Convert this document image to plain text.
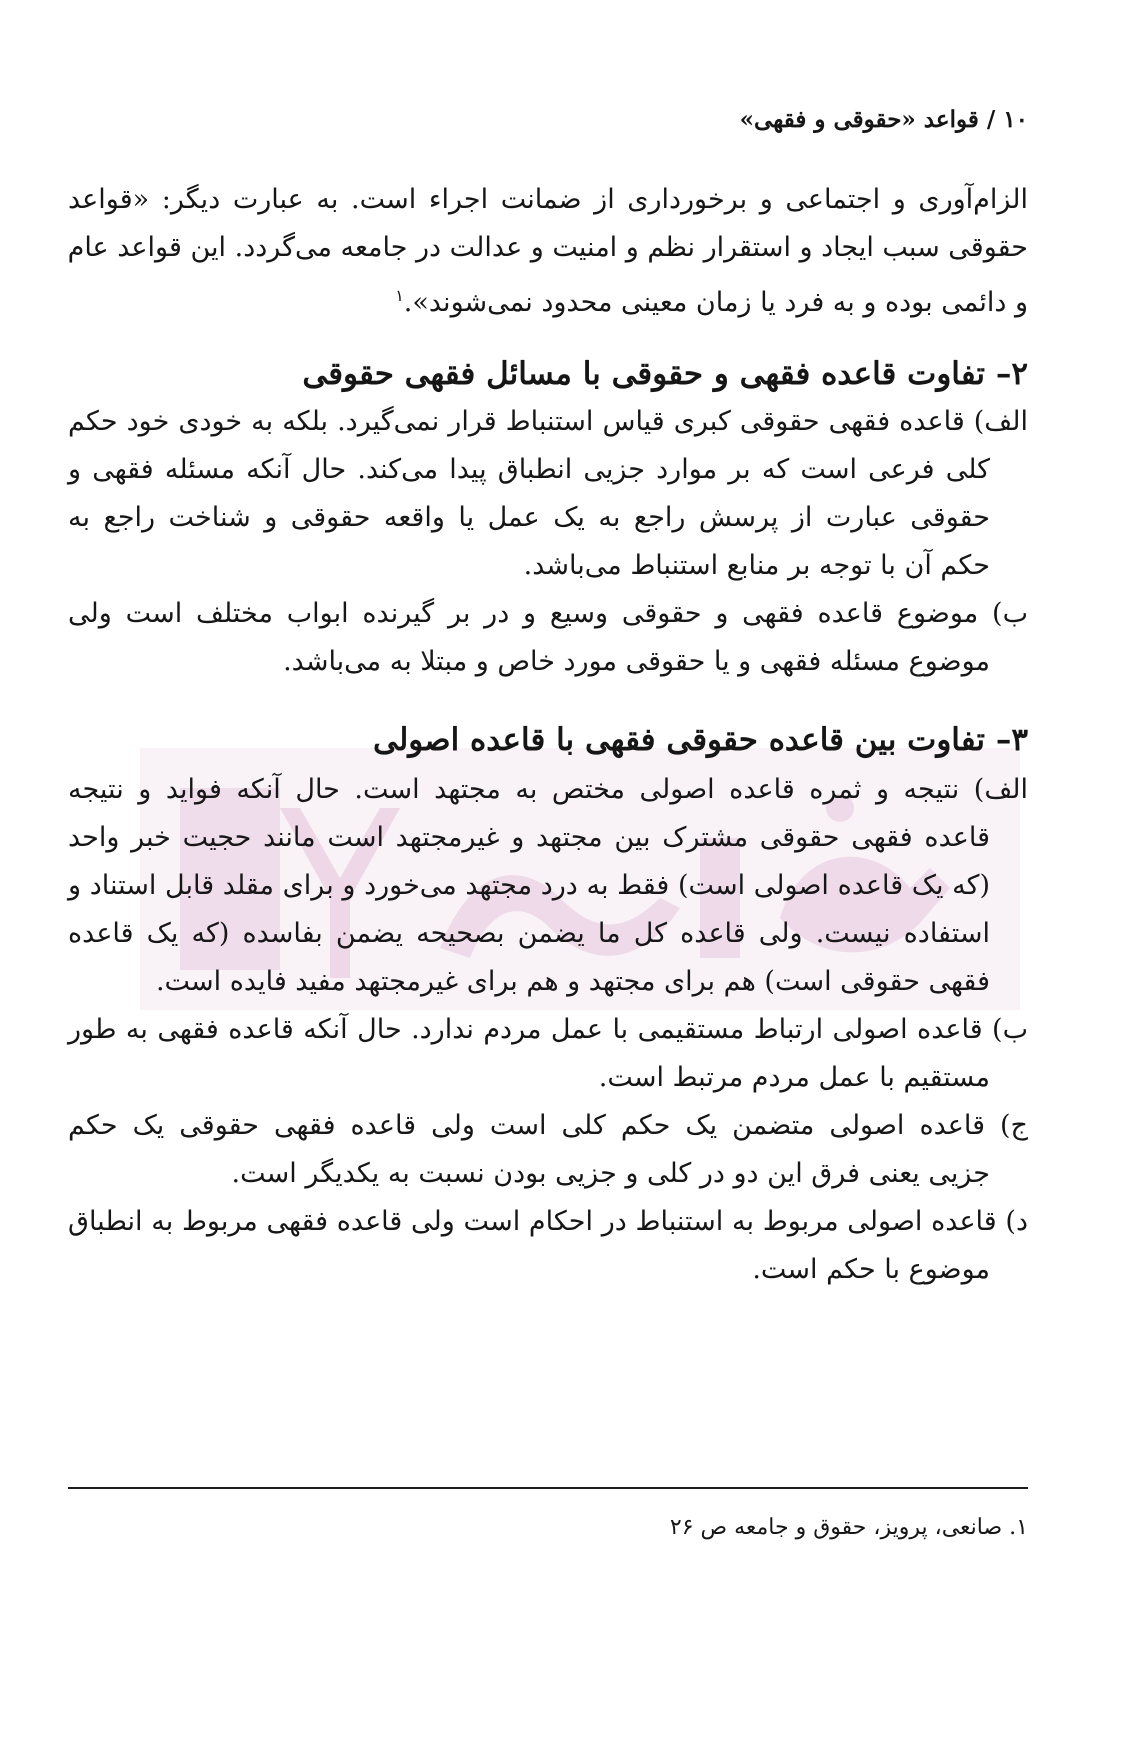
۱۰ / قواعد «حقوقی و فقهی»
الزام‌آوری و اجتماعی و برخورداری از ضمانت اجراء است. به عبارت دیگر: «قواعد
حقوقی سبب ایجاد و استقرار نظم و امنیت و عدالت در جامعه می‌گردد. این قواعد عام
و دائمی بوده و به فرد یا زمان معینی محدود نمی‌شوند».$^۱$
۲– تفاوت قاعده فقهی و حقوقی با مسائل فقهی حقوقی
الف) قاعده فقهی حقوقی کبری قیاس استنباط قرار نمی‌گیرد. بلکه به خودی خود حکم
کلی فرعی است که بر موارد جزیی انطباق پیدا می‌کند. حال آنکه مسئله فقهی و
حقوقی عبارت از پرسش راجع به یک عمل یا واقعه حقوقی و شناخت راجع به
حکم آن با توجه بر منابع استنباط می‌باشد.
ب) موضوع قاعده فقهی و حقوقی وسیع و در بر گیرنده ابواب مختلف است ولی
موضوع مسئله فقهی و یا حقوقی مورد خاص و مبتلا به می‌باشد.
۳– تفاوت بین قاعده حقوقی فقهی با قاعده اصولی
الف) نتیجه و ثمره قاعده اصولی مختص به مجتهد است. حال آنکه فواید و نتیجه
قاعده فقهی حقوقی مشترک بین مجتهد و غیرمجتهد است مانند حجیت خبر واحد
(که یک قاعده اصولی است) فقط به درد مجتهد می‌خورد و برای مقلد قابل استناد و
استفاده نیست. ولی قاعده کل ما یضمن بصحیحه یضمن بفاسده (که یک قاعده
فقهی حقوقی است) هم برای مجتهد و هم برای غیرمجتهد مفید فایده است.
ب) قاعده اصولی ارتباط مستقیمی با عمل مردم ندارد. حال آنکه قاعده فقهی به طور
مستقیم با عمل مردم مرتبط است.
ج) قاعده اصولی متضمن یک حکم کلی است ولی قاعده فقهی حقوقی یک حکم
جزیی یعنی فرق این دو در کلی و جزیی بودن نسبت به یکدیگر است.
د) قاعده اصولی مربوط به استنباط در احکام است ولی قاعده فقهی مربوط به انطباق
موضوع با حکم است.
۱. صانعی، پرویز، حقوق و جامعه ص ۲۶
